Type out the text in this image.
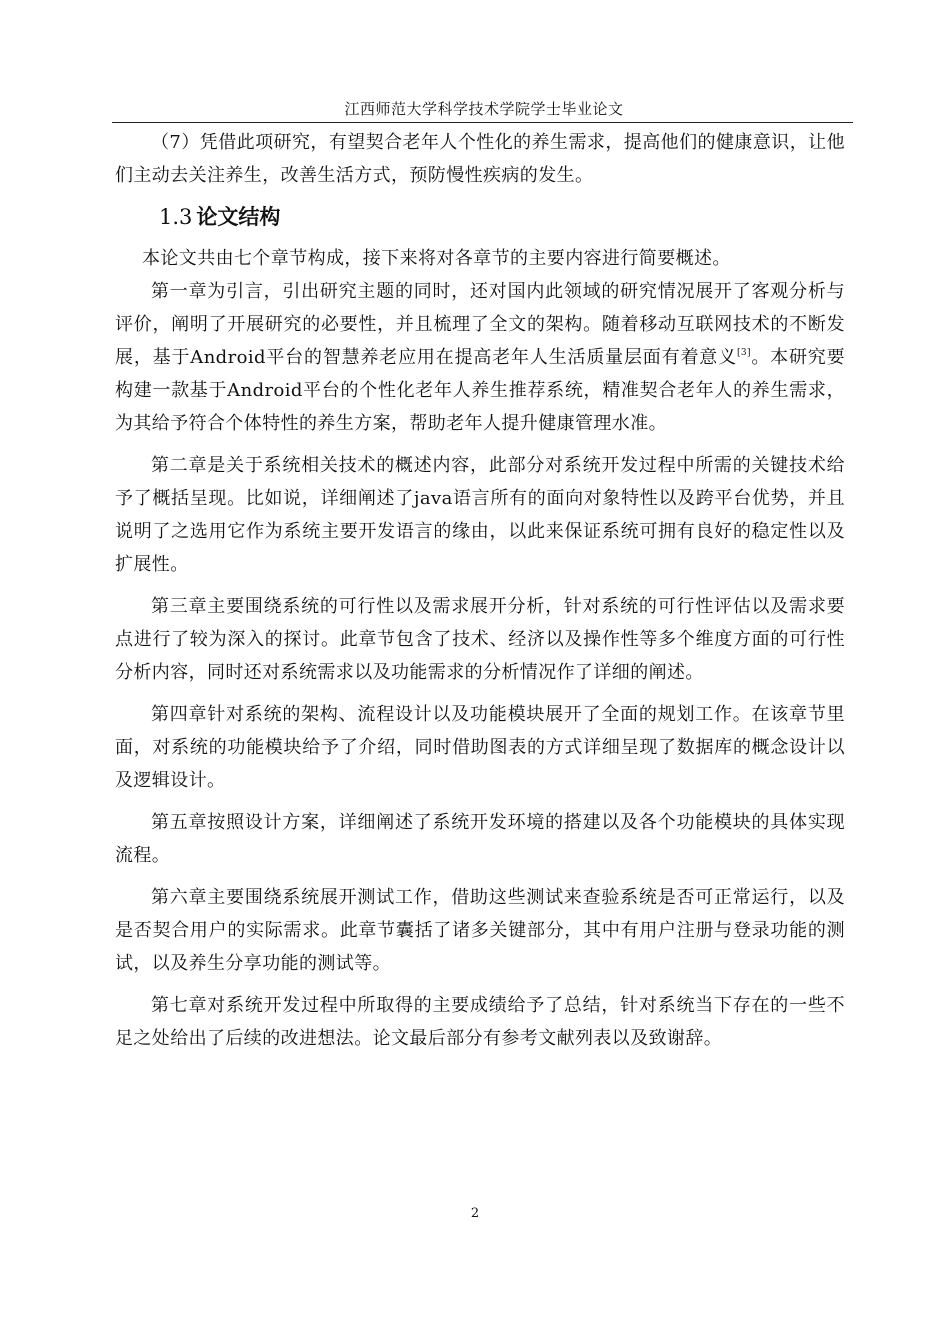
江西师范大学科学技术学院学士毕业论文

（7）凭借此项研究，有望契合老年人个性化的养生需求，提高他们的健康意识，让他们主动去关注养生，改善生活方式，预防慢性疾病的发生。

1.3 论文结构

本论文共由七个章节构成，接下来将对各章节的主要内容进行简要概述。

第一章为引言，引出研究主题的同时，还对国内此领域的研究情况展开了客观分析与评价，阐明了开展研究的必要性，并且梳理了全文的架构。随着移动互联网技术的不断发展，基于Android平台的智慧养老应用在提高老年人生活质量层面有着意义[3]。本研究要构建一款基于Android平台的个性化老年人养生推荐系统，精准契合老年人的养生需求，为其给予符合个体特性的养生方案，帮助老年人提升健康管理水准。

第二章是关于系统相关技术的概述内容，此部分对系统开发过程中所需的关键技术给予了概括呈现。比如说，详细阐述了java语言所有的面向对象特性以及跨平台优势，并且说明了之选用它作为系统主要开发语言的缘由，以此来保证系统可拥有良好的稳定性以及扩展性。

第三章主要围绕系统的可行性以及需求展开分析，针对系统的可行性评估以及需求要点进行了较为深入的探讨。此章节包含了技术、经济以及操作性等多个维度方面的可行性分析内容，同时还对系统需求以及功能需求的分析情况作了详细的阐述。

第四章针对系统的架构、流程设计以及功能模块展开了全面的规划工作。在该章节里面，对系统的功能模块给予了介绍，同时借助图表的方式详细呈现了数据库的概念设计以及逻辑设计。

第五章按照设计方案，详细阐述了系统开发环境的搭建以及各个功能模块的具体实现流程。

第六章主要围绕系统展开测试工作，借助这些测试来查验系统是否可正常运行，以及是否契合用户的实际需求。此章节囊括了诸多关键部分，其中有用户注册与登录功能的测试，以及养生分享功能的测试等。

第七章对系统开发过程中所取得的主要成绩给予了总结，针对系统当下存在的一些不足之处给出了后续的改进想法。论文最后部分有参考文献列表以及致谢辞。

2
